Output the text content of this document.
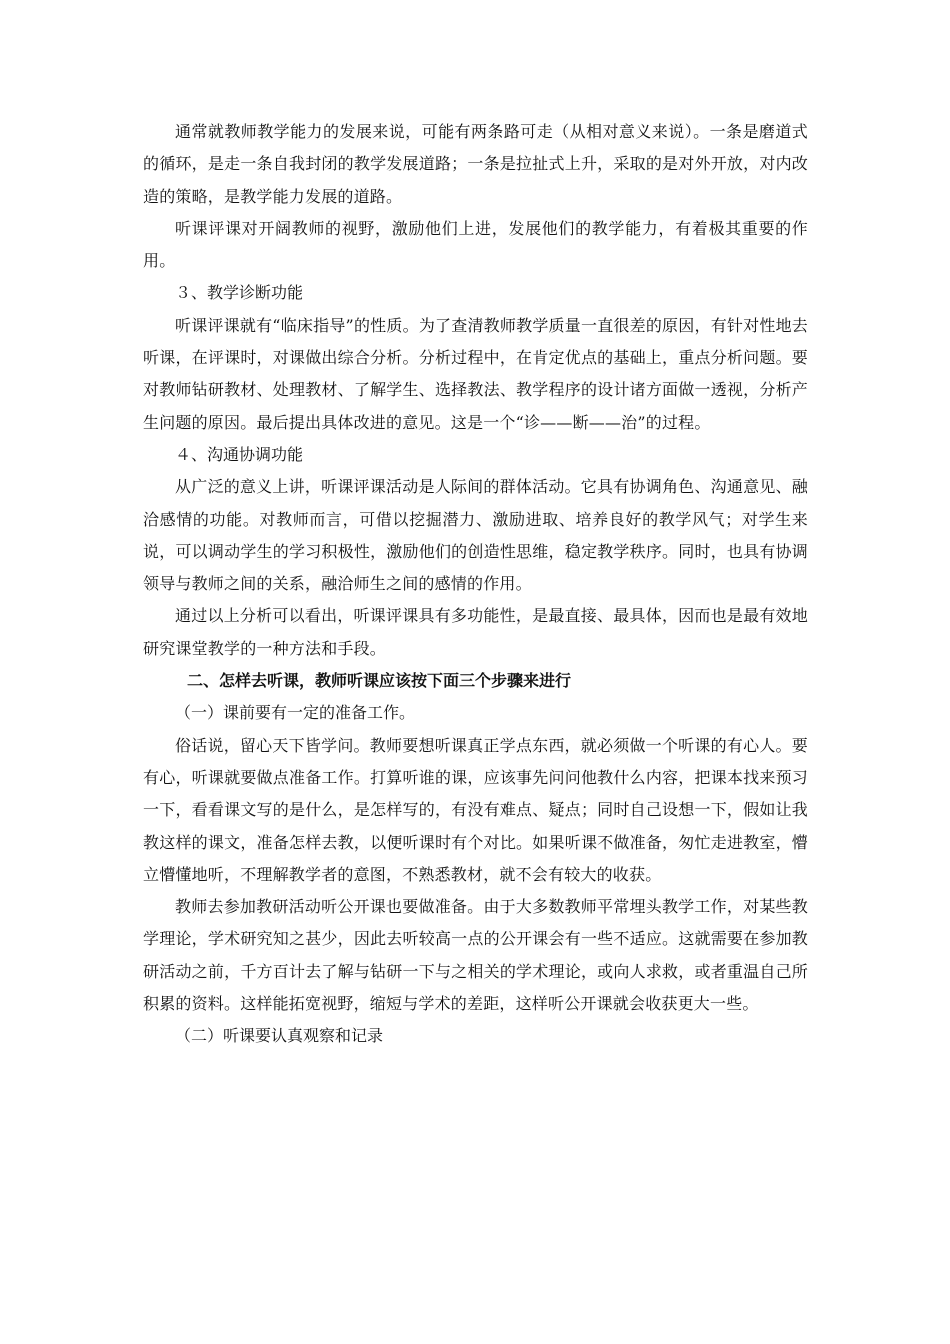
通常就教师教学能力的发展来说，可能有两条路可走（从相对意义来说）。一条是磨道式的循环，是走一条自我封闭的教学发展道路；一条是拉扯式上升，采取的是对外开放，对内改造的策略，是教学能力发展的道路。

听课评课对开阔教师的视野，激励他们上进，发展他们的教学能力，有着极其重要的作用。

３、教学诊断功能

听课评课就有“临床指导”的性质。为了查清教师教学质量一直很差的原因，有针对性地去听课，在评课时，对课做出综合分析。分析过程中，在肯定优点的基础上，重点分析问题。要对教师钻研教材、处理教材、了解学生、选择教法、教学程序的设计诸方面做一透视，分析产生问题的原因。最后提出具体改进的意见。这是一个“诊——断——治”的过程。

４、沟通协调功能

从广泛的意义上讲，听课评课活动是人际间的群体活动。它具有协调角色、沟通意见、融洽感情的功能。对教师而言，可借以挖掘潜力、激励进取、培养良好的教学风气；对学生来说，可以调动学生的学习积极性，激励他们的创造性思维，稳定教学秩序。同时，也具有协调领导与教师之间的关系，融洽师生之间的感情的作用。

通过以上分析可以看出，听课评课具有多功能性，是最直接、最具体，因而也是最有效地研究课堂教学的一种方法和手段。

二、怎样去听课，教师听课应该按下面三个步骤来进行

（一）课前要有一定的准备工作。

俗话说，留心天下皆学问。教师要想听课真正学点东西，就必须做一个听课的有心人。要有心，听课就要做点准备工作。打算听谁的课，应该事先问问他教什么内容，把课本找来预习一下，看看课文写的是什么，是怎样写的，有没有难点、疑点；同时自己设想一下，假如让我教这样的课文，准备怎样去教，以便听课时有个对比。如果听课不做准备，匆忙走进教室，懵立懵懂地听，不理解教学者的意图，不熟悉教材，就不会有较大的收获。

教师去参加教研活动听公开课也要做准备。由于大多数教师平常埋头教学工作，对某些教学理论，学术研究知之甚少，因此去听较高一点的公开课会有一些不适应。这就需要在参加教研活动之前，千方百计去了解与钻研一下与之相关的学术理论，或向人求救，或者重温自己所积累的资料。这样能拓宽视野，缩短与学术的差距，这样听公开课就会收获更大一些。

（二）听课要认真观察和记录
